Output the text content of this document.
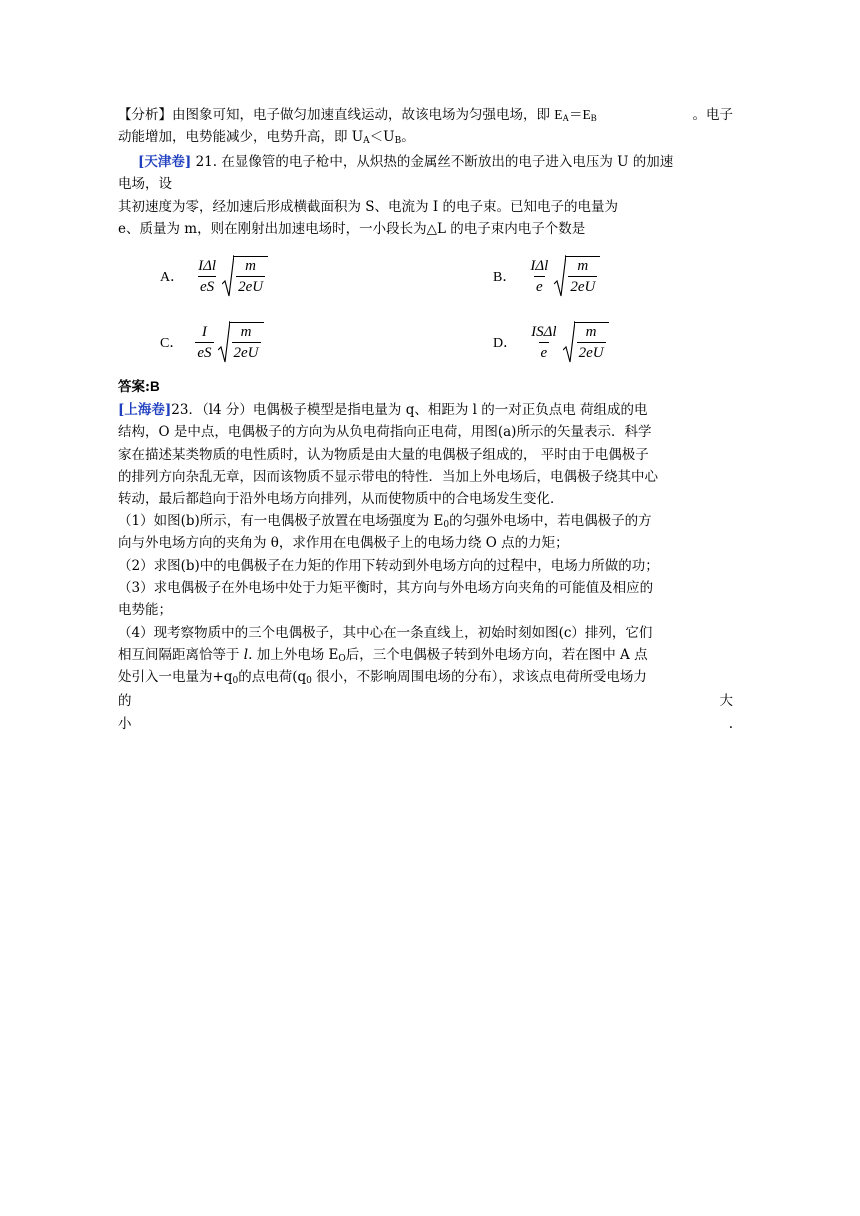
【分析】由图象可知，电子做匀加速直线运动，故该电场为匀强电场，即 $E_A=E_B$	。电子
动能增加，电势能减少，电势升高，即 $U_A<U_B$。
[天津卷] 21. 在显像管的电子枪中，从炽热的金属丝不断放出的电子进入电压为 U 的加速
电场，设
其初速度为零，经加速后形成横截面积为 S、电流为 I 的电子束。已知电子的电量为
e、质量为 m，则在刚射出加速电场时，一小段长为△L 的电子束内电子个数是
A． $\frac{\text{IΔl}}{eS} \frac{m}{2eU}$	B． $\frac{\text{IΔl}}{e} \frac{m}{2eU}$
C． $\frac{I}{eS} \frac{m}{2eU}$	D． $\frac{\text{ISΔl}}{e} \frac{m}{2eU}$
答案:B
[上海卷]23．（l4 分）电偶极子模型是指电量为 q、相距为 l 的一对正负点电 荷组成的电
结构，O 是中点，电偶极子的方向为从负电荷指向正电荷，用图(a)所示的矢量表示．科学
家在描述某类物质的电性质时，认为物质是由大量的电偶极子组成的， 平时由于电偶极子
的排列方向杂乱无章，因而该物质不显示带电的特性．当加上外电场后，电偶极子绕其中心
转动，最后都趋向于沿外电场方向排列，从而使物质中的合电场发生变化．
（1）如图(b)所示，有一电偶极子放置在电场强度为 $E_0$的匀强外电场中，若电偶极子的方
向与外电场方向的夹角为 θ，求作用在电偶极子上的电场力绕 O 点的力矩；
（2）求图(b)中的电偶极子在力矩的作用下转动到外电场方向的过程中，电场力所做的功；
（3）求电偶极子在外电场中处于力矩平衡时，其方向与外电场方向夹角的可能值及相应的
电势能；
（4）现考察物质中的三个电偶极子，其中心在一条直线上，初始时刻如图(c）排列，它们
相互间隔距离恰等于 l. 加上外电场 $E_O$后，三个电偶极子转到外电场方向，若在图中 A 点
处引入一电量为$+q_0$的点电荷($q_0$ 很小，不影响周围电场的分布），求该点电荷所受电场力
的	大
小	.
